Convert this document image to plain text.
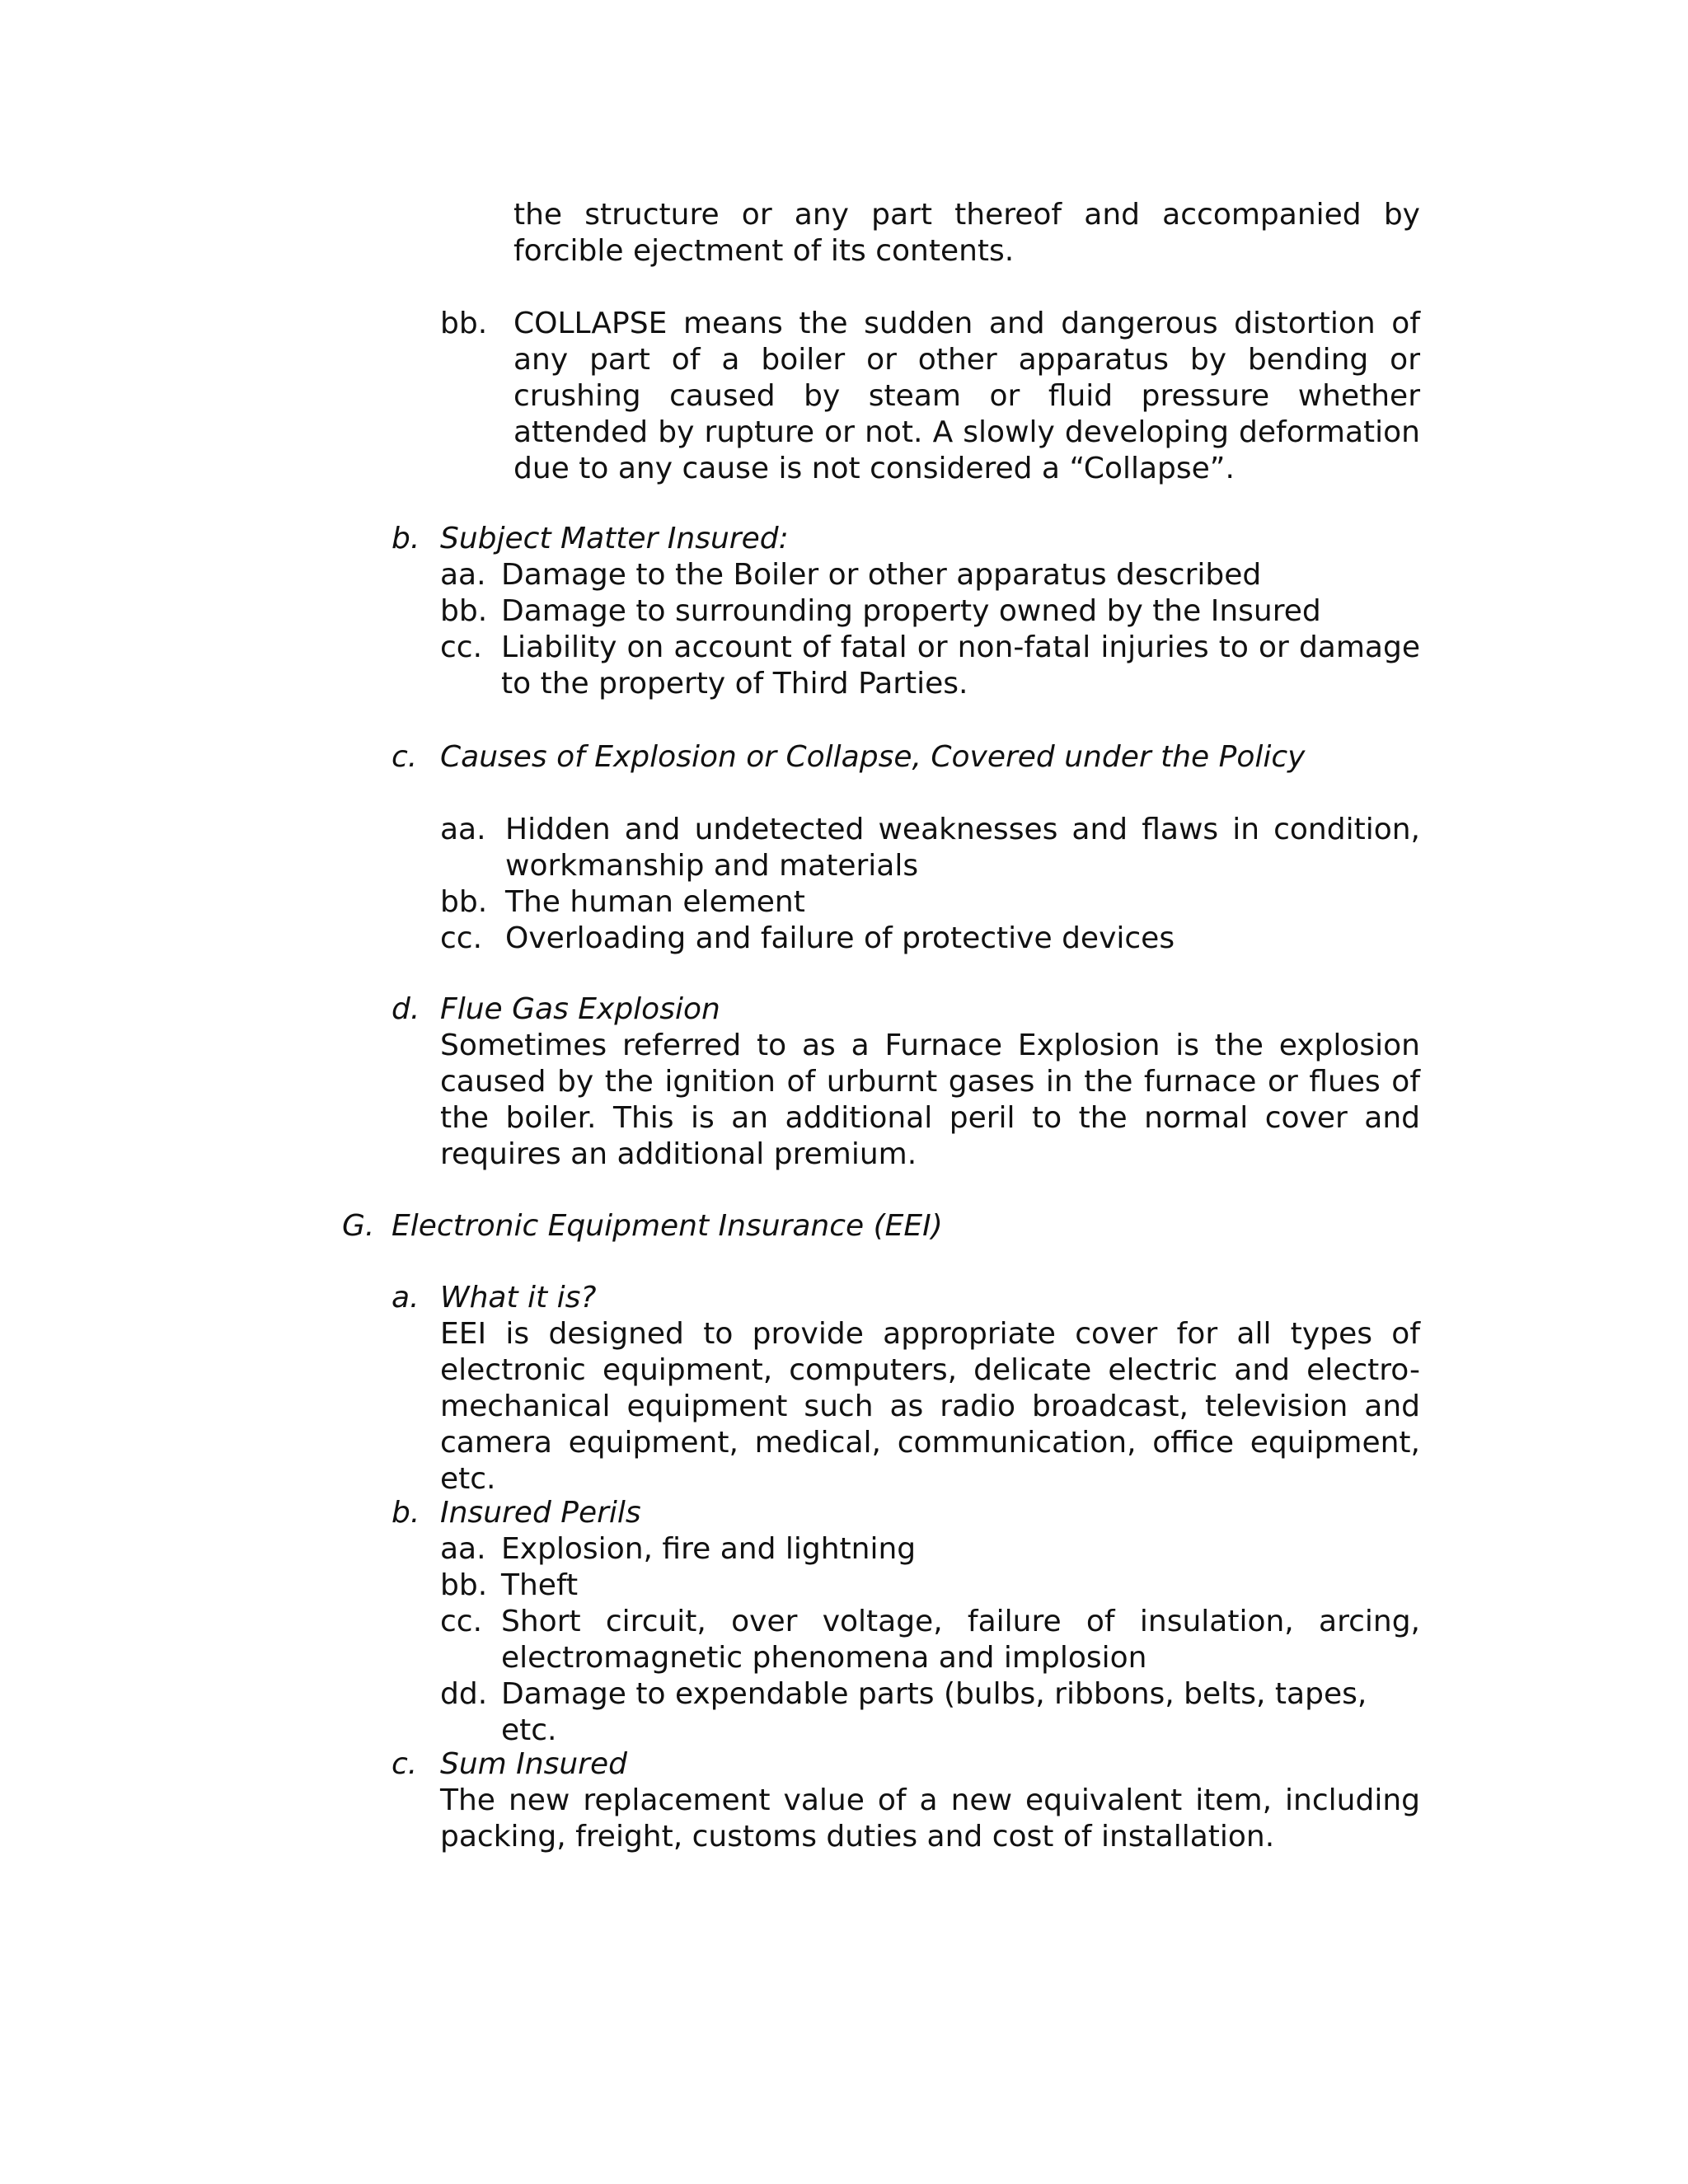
the structure or any part thereof and accompanied by forcible ejectment of its contents.
bb. COLLAPSE means the sudden and dangerous distortion of any part of a boiler or other apparatus by bending or crushing caused by steam or fluid pressure whether attended by rupture or not. A slowly developing deformation due to any cause is not considered a “Collapse”.
b. Subject Matter Insured:
aa. Damage to the Boiler or other apparatus described
bb. Damage to surrounding property owned by the Insured
cc. Liability on account of fatal or non-fatal injuries to or damage to the property of Third Parties.
c. Causes of Explosion or Collapse, Covered under the Policy
aa. Hidden and undetected weaknesses and flaws in condition, workmanship and materials
bb. The human element
cc. Overloading and failure of protective devices
d. Flue Gas Explosion
Sometimes referred to as a Furnace Explosion is the explosion caused by the ignition of urburnt gases in the furnace or flues of the boiler. This is an additional peril to the normal cover and requires an additional premium.
G. Electronic Equipment Insurance (EEI)
a. What it is?
EEI is designed to provide appropriate cover for all types of electronic equipment, computers, delicate electric and electro-mechanical equipment such as radio broadcast, television and camera equipment, medical, communication, office equipment, etc.
b. Insured Perils
aa. Explosion, fire and lightning
bb. Theft
cc. Short circuit, over voltage, failure of insulation, arcing, electromagnetic phenomena and implosion
dd. Damage to expendable parts (bulbs, ribbons, belts, tapes, etc.
c. Sum Insured
The new replacement value of a new equivalent item, including packing, freight, customs duties and cost of installation.
